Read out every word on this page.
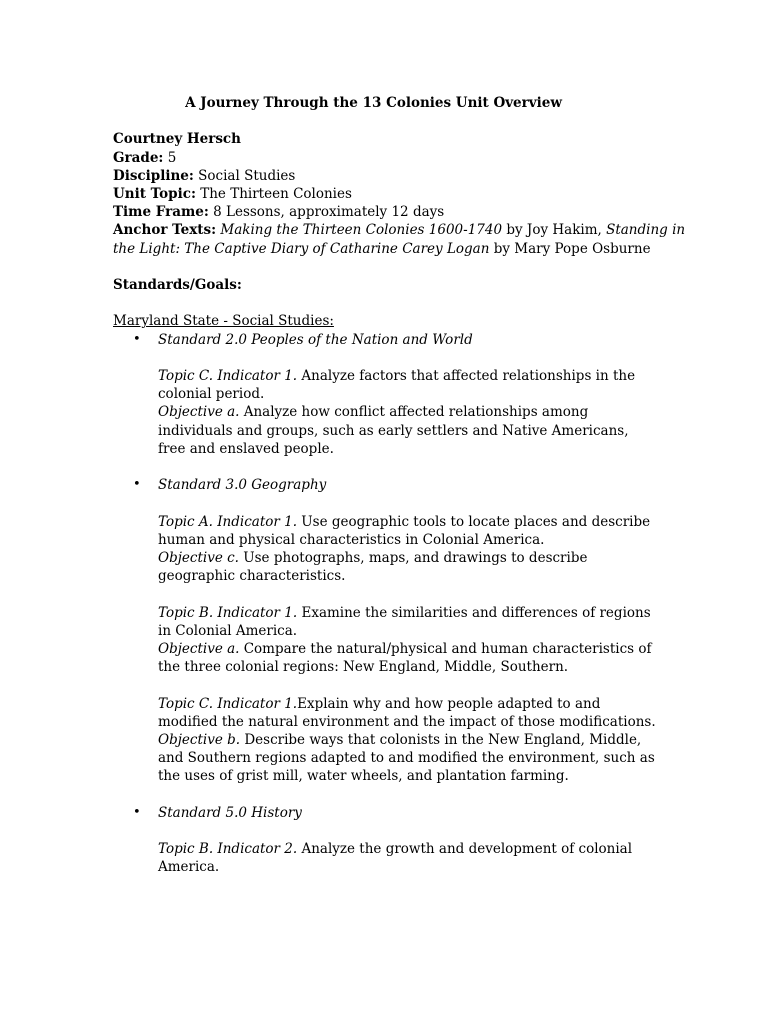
A Journey Through the 13 Colonies Unit Overview
Courtney Hersch
Grade: 5
Discipline: Social Studies
Unit Topic: The Thirteen Colonies
Time Frame: 8 Lessons, approximately 12 days
Anchor Texts: Making the Thirteen Colonies 1600-1740 by Joy Hakim, Standing in
the Light: The Captive Diary of Catharine Carey Logan by Mary Pope Osburne
Standards/Goals:
Maryland State - Social Studies:
• Standard 2.0 Peoples of the Nation and World
Topic C. Indicator 1. Analyze factors that affected relationships in the colonial period.
Objective a. Analyze how conflict affected relationships among individuals and groups, such as early settlers and Native Americans, free and enslaved people.
• Standard 3.0 Geography
Topic A. Indicator 1. Use geographic tools to locate places and describe human and physical characteristics in Colonial America.
Objective c. Use photographs, maps, and drawings to describe geographic characteristics.
Topic B. Indicator 1. Examine the similarities and differences of regions in Colonial America.
Objective a. Compare the natural/physical and human characteristics of the three colonial regions: New England, Middle, Southern.
Topic C. Indicator 1.Explain why and how people adapted to and modified the natural environment and the impact of those modifications.
Objective b. Describe ways that colonists in the New England, Middle, and Southern regions adapted to and modified the environment, such as the uses of grist mill, water wheels, and plantation farming.
• Standard 5.0 History
Topic B. Indicator 2. Analyze the growth and development of colonial America.
